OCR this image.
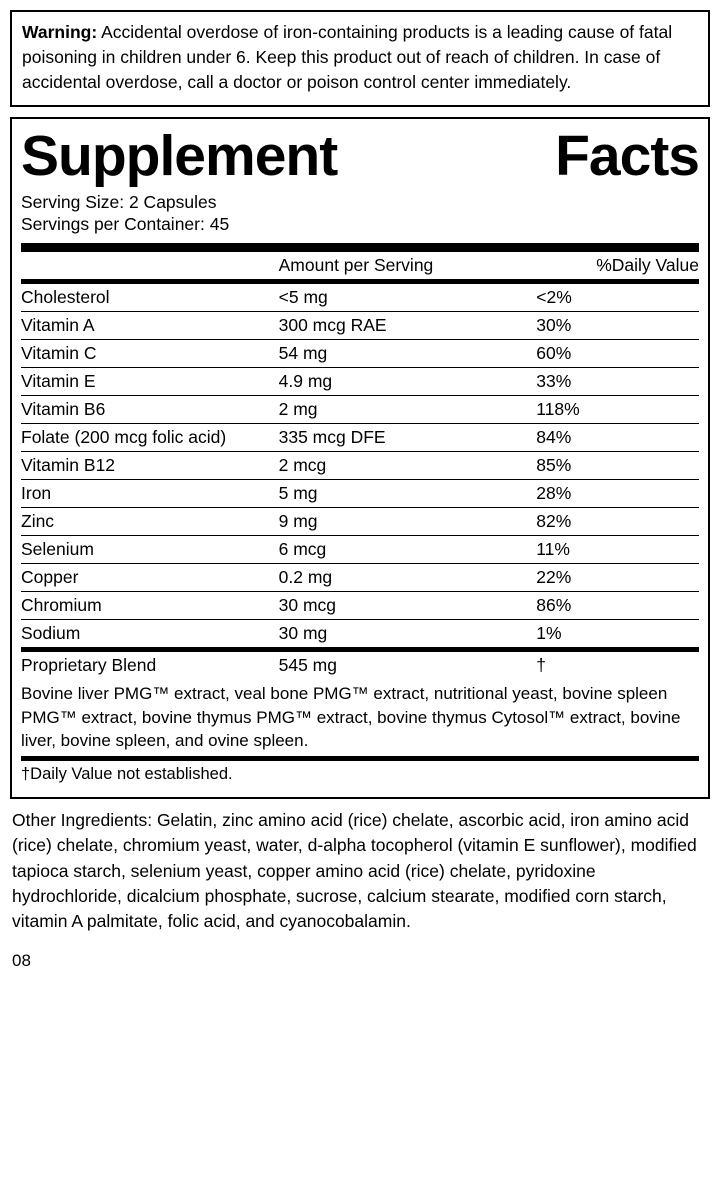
Warning: Accidental overdose of iron-containing products is a leading cause of fatal poisoning in children under 6. Keep this product out of reach of children. In case of accidental overdose, call a doctor or poison control center immediately.

Supplement	Facts
Serving Size: 2 Capsules
Servings per Container: 45
	Amount per Serving	%Daily Value
Cholesterol	<5 mg	<2%
Vitamin A	300 mcg RAE	30%
Vitamin C	54 mg	60%
Vitamin E	4.9 mg	33%
Vitamin B6	2 mg	118%
Folate (200 mcg folic acid)	335 mcg DFE	84%
Vitamin B12	2 mcg	85%
Iron	5 mg	28%
Zinc	9 mg	82%
Selenium	6 mcg	11%
Copper	0.2 mg	22%
Chromium	30 mcg	86%
Sodium	30 mg	1%
Proprietary Blend	545 mg	†
Bovine liver PMG™ extract, veal bone PMG™ extract, nutritional yeast, bovine spleen PMG™ extract, bovine thymus PMG™ extract, bovine thymus Cytosol™ extract, bovine liver, bovine spleen, and ovine spleen.
†Daily Value not established.

Other Ingredients: Gelatin, zinc amino acid (rice) chelate, ascorbic acid, iron amino acid (rice) chelate, chromium yeast, water, d-alpha tocopherol (vitamin E sunflower), modified tapioca starch, selenium yeast, copper amino acid (rice) chelate, pyridoxine hydrochloride, dicalcium phosphate, sucrose, calcium stearate, modified corn starch, vitamin A palmitate, folic acid, and cyanocobalamin.

08
